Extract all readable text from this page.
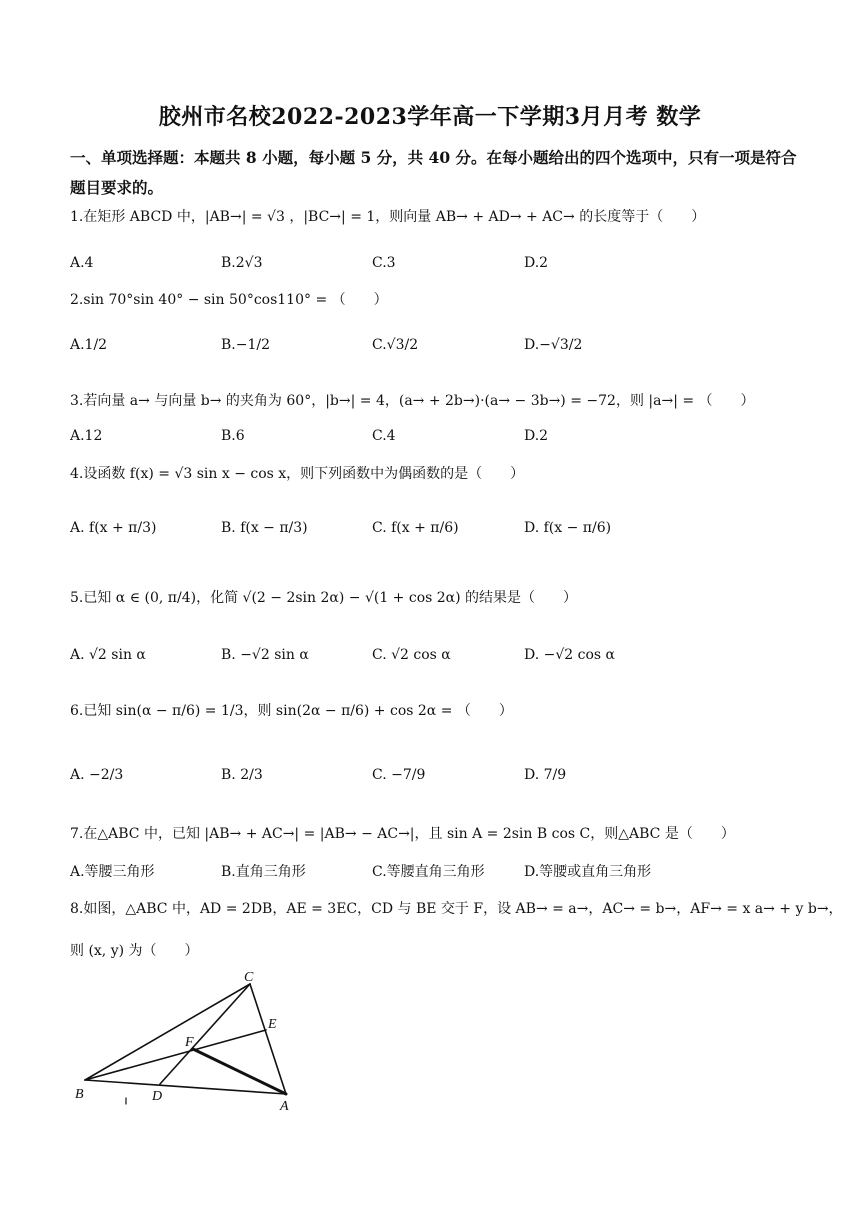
胶州市名校2022-2023学年高一下学期3月月考 数学
一、单项选择题：本题共 8 小题，每小题 5 分，共 40 分。在每小题给出的四个选项中，只有一项是符合题目要求的。
1.在矩形 ABCD 中，|AB→| = √3 ，|BC→| = 1，则向量 AB→ + AD→ + AC→ 的长度等于（　　）
A.4	B.2√3	C.3	D.2
2.sin 70°sin 40° − sin 50°cos110° = （　　）
A.1/2	B.−1/2	C.√3/2	D.−√3/2
3.若向量 a→ 与向量 b→ 的夹角为 60°，|b→| = 4，(a→ + 2b→)·(a→ − 3b→) = −72，则 |a→| = （　　）
A.12	B.6	C.4	D.2
4.设函数 f(x) = √3 sin x − cos x，则下列函数中为偶函数的是（　　）
A. f(x + π/3)	B. f(x − π/3)	C. f(x + π/6)	D. f(x − π/6)
5.已知 α ∈ (0, π/4)，化简 √(2 − 2sin 2α) − √(1 + cos 2α) 的结果是（　　）
A. √2 sin α	B. −√2 sin α	C. √2 cos α	D. −√2 cos α
6.已知 sin(α − π/6) = 1/3，则 sin(2α − π/6) + cos 2α = （　　）
A. −2/3	B. 2/3	C. −7/9	D. 7/9
7.在△ABC 中，已知 |AB→ + AC→| = |AB→ − AC→|，且 sin A = 2sin B cos C，则△ABC 是（　　）
A.等腰三角形	B.直角三角形	C.等腰直角三角形	D.等腰或直角三角形
8.如图，△ABC 中，AD = 2DB，AE = 3EC，CD 与 BE 交于 F，设 AB→ = a→，AC→ = b→，AF→ = x a→ + y b→，
则 (x, y) 为（　　）
C
E
F
B	D
A
